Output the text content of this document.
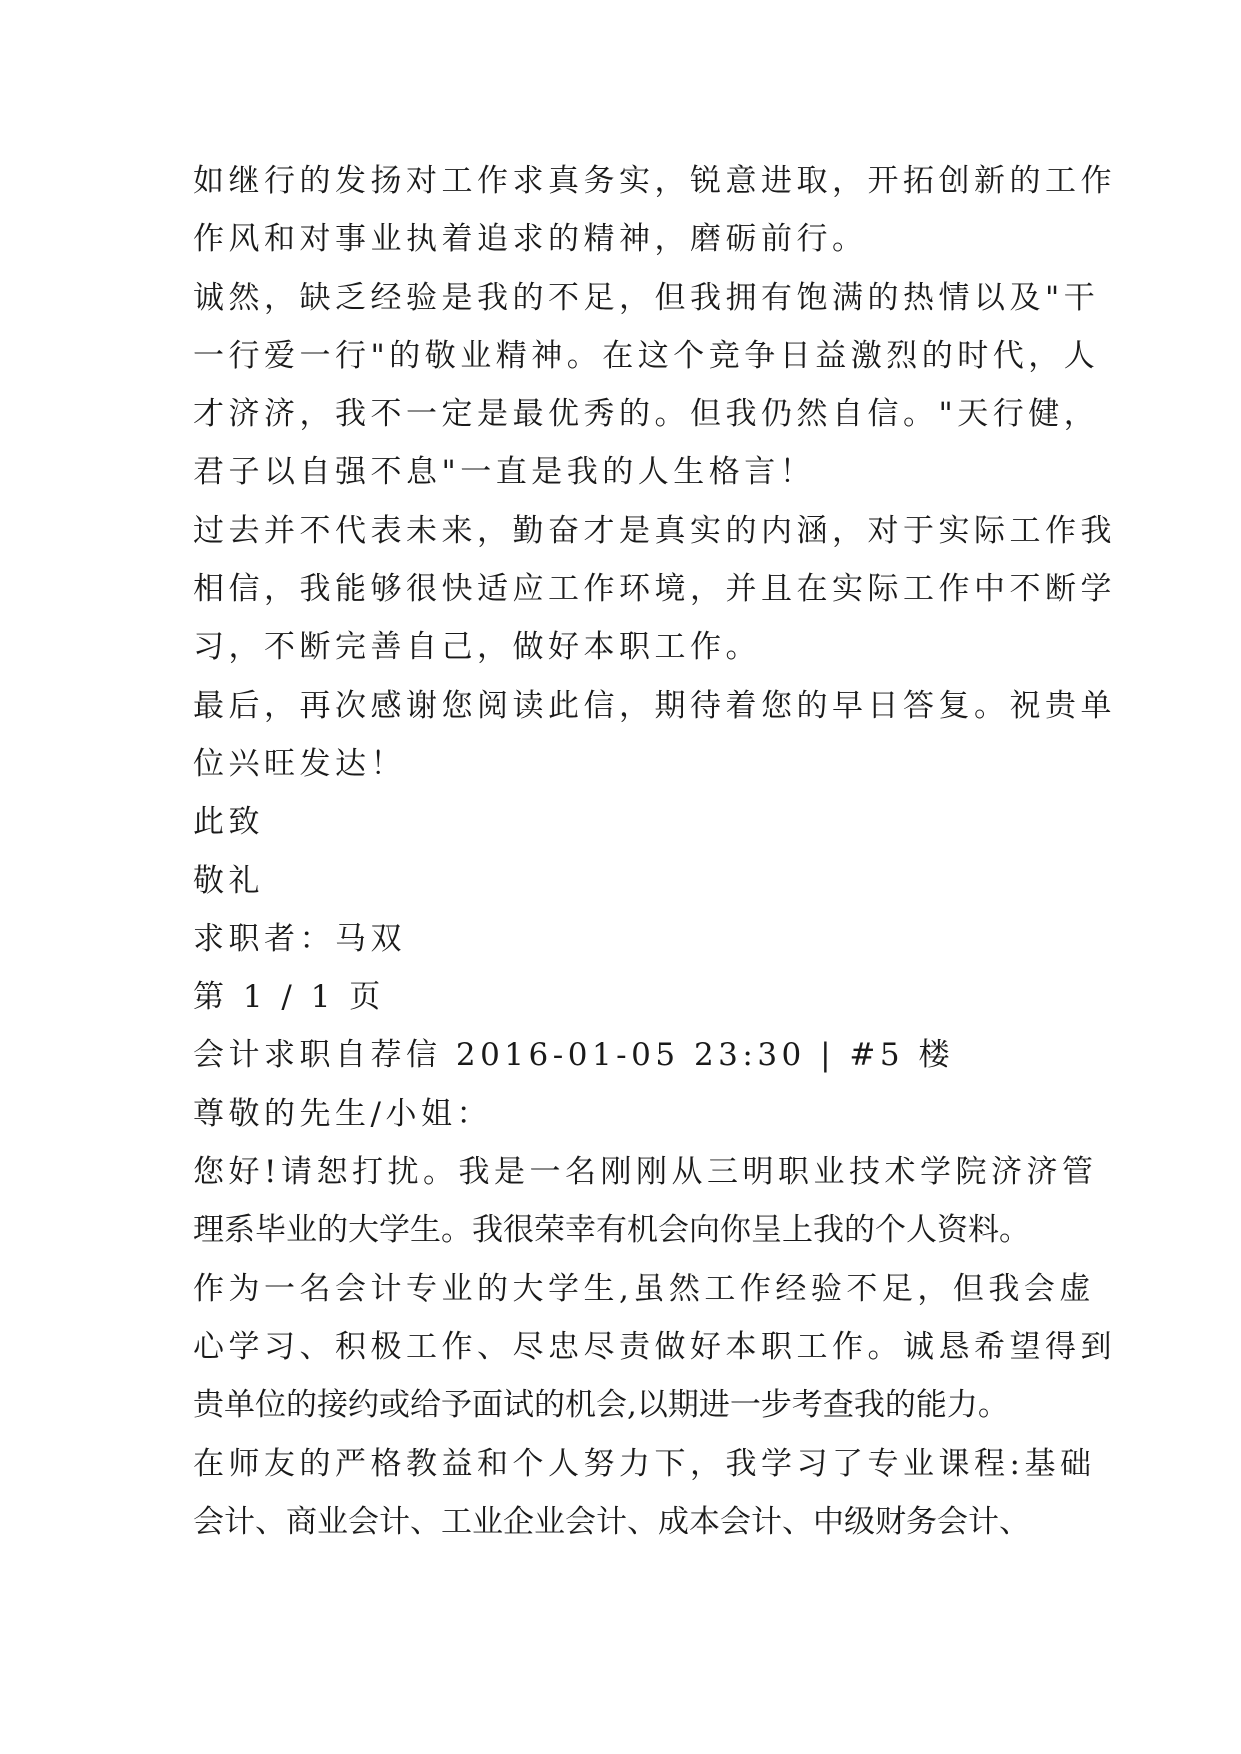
如继行的发扬对工作求真务实，锐意进取，开拓创新的工作
作风和对事业执着追求的精神，磨砺前行。
诚然，缺乏经验是我的不足，但我拥有饱满的热情以及"干
一行爱一行"的敬业精神。在这个竞争日益激烈的时代，人
才济济，我不一定是最优秀的。但我仍然自信。"天行健，
君子以自强不息"一直是我的人生格言！
过去并不代表未来，勤奋才是真实的内涵，对于实际工作我
相信，我能够很快适应工作环境，并且在实际工作中不断学
习，不断完善自己，做好本职工作。
最后，再次感谢您阅读此信，期待着您的早日答复。祝贵单
位兴旺发达！
此致
敬礼
求职者：马双
第 1 / 1 页
会计求职自荐信 2016-01-05 23:30 | #5 楼
尊敬的先生/小姐：
您好!请恕打扰。我是一名刚刚从三明职业技术学院济济管
理系毕业的大学生。我很荣幸有机会向你呈上我的个人资料。
作为一名会计专业的大学生,虽然工作经验不足，但我会虚
心学习、积极工作、尽忠尽责做好本职工作。诚恳希望得到
贵单位的接约或给予面试的机会,以期进一步考查我的能力。
在师友的严格教益和个人努力下，我学习了专业课程:基础
会计、商业会计、工业企业会计、成本会计、中级财务会计、
